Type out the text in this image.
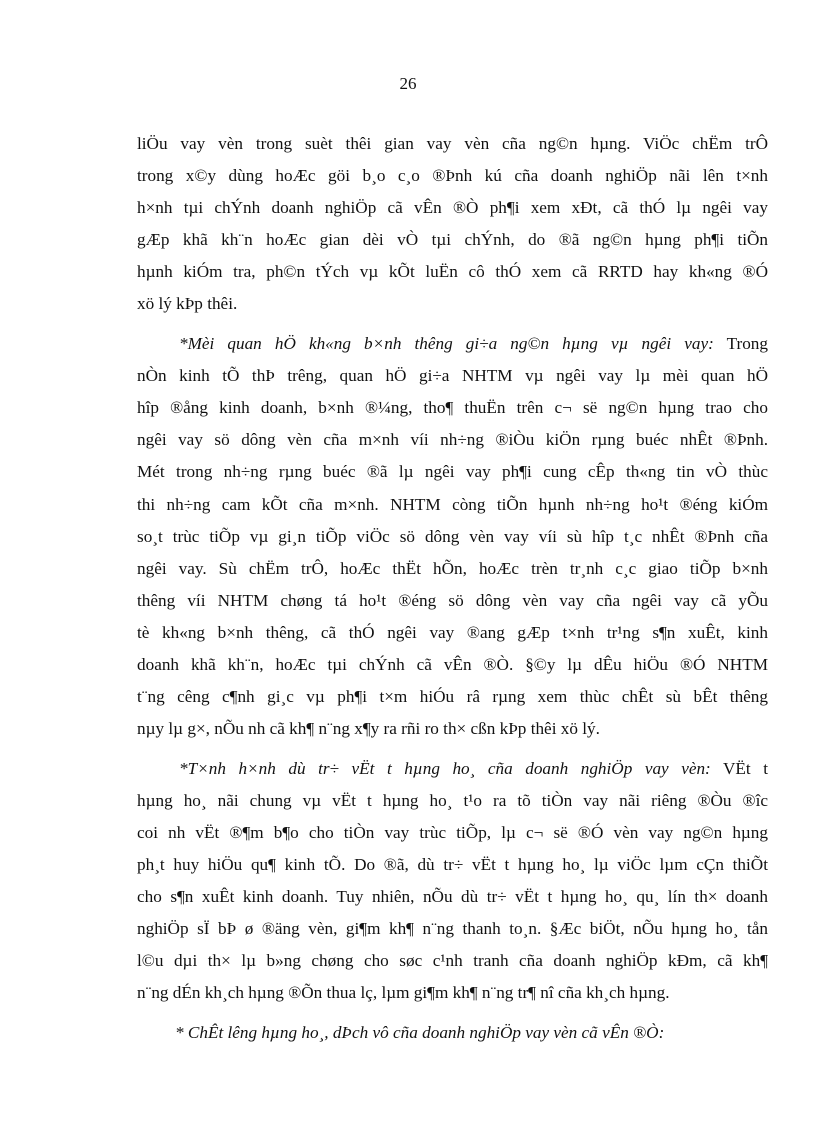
26
liÖu vay vèn trong suèt thêi gian vay vèn cña ng©n hµng. ViÖc chËm trÔ
trong x©y dùng hoÆc göi b¸o c¸o ®Þnh kú cña doanh nghiÖp nãi lên t×nh
h×nh tµi chÝnh doanh nghiÖp cã vÊn ®Ò ph¶i xem xÐt, cã thÓ lµ ngêi vay
gÆp khã kh¨n hoÆc gian dèi vÒ tµi chÝnh, do ®ã ng©n hµng ph¶i tiÕn
hµnh kiÓm tra, ph©n tÝch vµ kÕt luËn cô thÓ xem cã RRTD hay kh«ng ®Ó
xö lý kÞp thêi.
*Mèi quan hÖ kh«ng b×nh thêng gi÷a ng©n hµng vµ ngêi vay: Trong
nÒn kinh tÕ thÞ trêng, quan hÖ gi÷a NHTM vµ ngêi vay lµ mèi quan hÖ
hîp ®ång kinh doanh, b×nh ®¼ng, tho¶ thuËn trên c¬ së ng©n hµng trao cho
ngêi vay sö dông vèn cña m×nh víi nh÷ng ®iÒu kiÖn rµng buéc nhÊt ®Þnh.
Mét trong nh÷ng rµng buéc ®ã lµ ngêi vay ph¶i cung cÊp th«ng tin vÒ thùc
thi nh÷ng cam kÕt cña m×nh. NHTM còng tiÕn hµnh nh÷ng ho¹t ®éng kiÓm
so¸t trùc tiÕp vµ gi¸n tiÕp viÖc sö dông vèn vay víi sù hîp t¸c nhÊt ®Þnh cña
ngêi vay. Sù chËm trÔ, hoÆc thËt hÕn, hoÆc trèn tr¸nh c¸c giao tiÕp b×nh
thêng víi NHTM chøng tá ho¹t ®éng sö dông vèn vay cña ngêi vay cã yÕu
tè kh«ng b×nh thêng, cã thÓ ngêi vay ®ang gÆp t×nh tr¹ng s¶n xuÊt, kinh
doanh khã kh¨n, hoÆc tµi chÝnh cã vÊn ®Ò. §©y lµ dÊu hiÖu ®Ó NHTM
t¨ng cêng c¶nh gi¸c vµ ph¶i t×m hiÓu râ rµng xem thùc chÊt sù bÊt thêng
nµy lµ g×, nÕu nh cã kh¶ n¨ng x¶y ra rñi ro th× cßn kÞp thêi xö lý.
*T×nh h×nh dù tr÷ vËt t hµng ho¸ cña doanh nghiÖp vay vèn: VËt t
hµng ho¸ nãi chung vµ vËt t hµng ho¸ t¹o ra tõ tiÒn vay nãi riêng ®Òu ®îc
coi nh vËt ®¶m b¶o cho tiÒn vay trùc tiÕp, lµ c¬ së ®Ó vèn vay ng©n hµng
ph¸t huy hiÖu qu¶ kinh tÕ. Do ®ã, dù tr÷ vËt t hµng ho¸ lµ viÖc lµm cÇn thiÕt
cho s¶n xuÊt kinh doanh. Tuy nhiên, nÕu dù tr÷ vËt t hµng ho¸ qu¸ lín th× doanh
nghiÖp sÏ bÞ ø ®äng vèn, gi¶m kh¶ n¨ng thanh to¸n. §Æc biÖt, nÕu hµng ho¸ tån
l©u dµi th× lµ b»ng chøng cho søc c¹nh tranh cña doanh nghiÖp kÐm, cã kh¶
n¨ng dÉn kh¸ch hµng ®Õn thua lç, lµm gi¶m kh¶ n¨ng tr¶ nî cña kh¸ch hµng.
* ChÊt lêng hµng ho¸, dÞch vô cña doanh nghiÖp vay vèn cã vÊn ®Ò:
